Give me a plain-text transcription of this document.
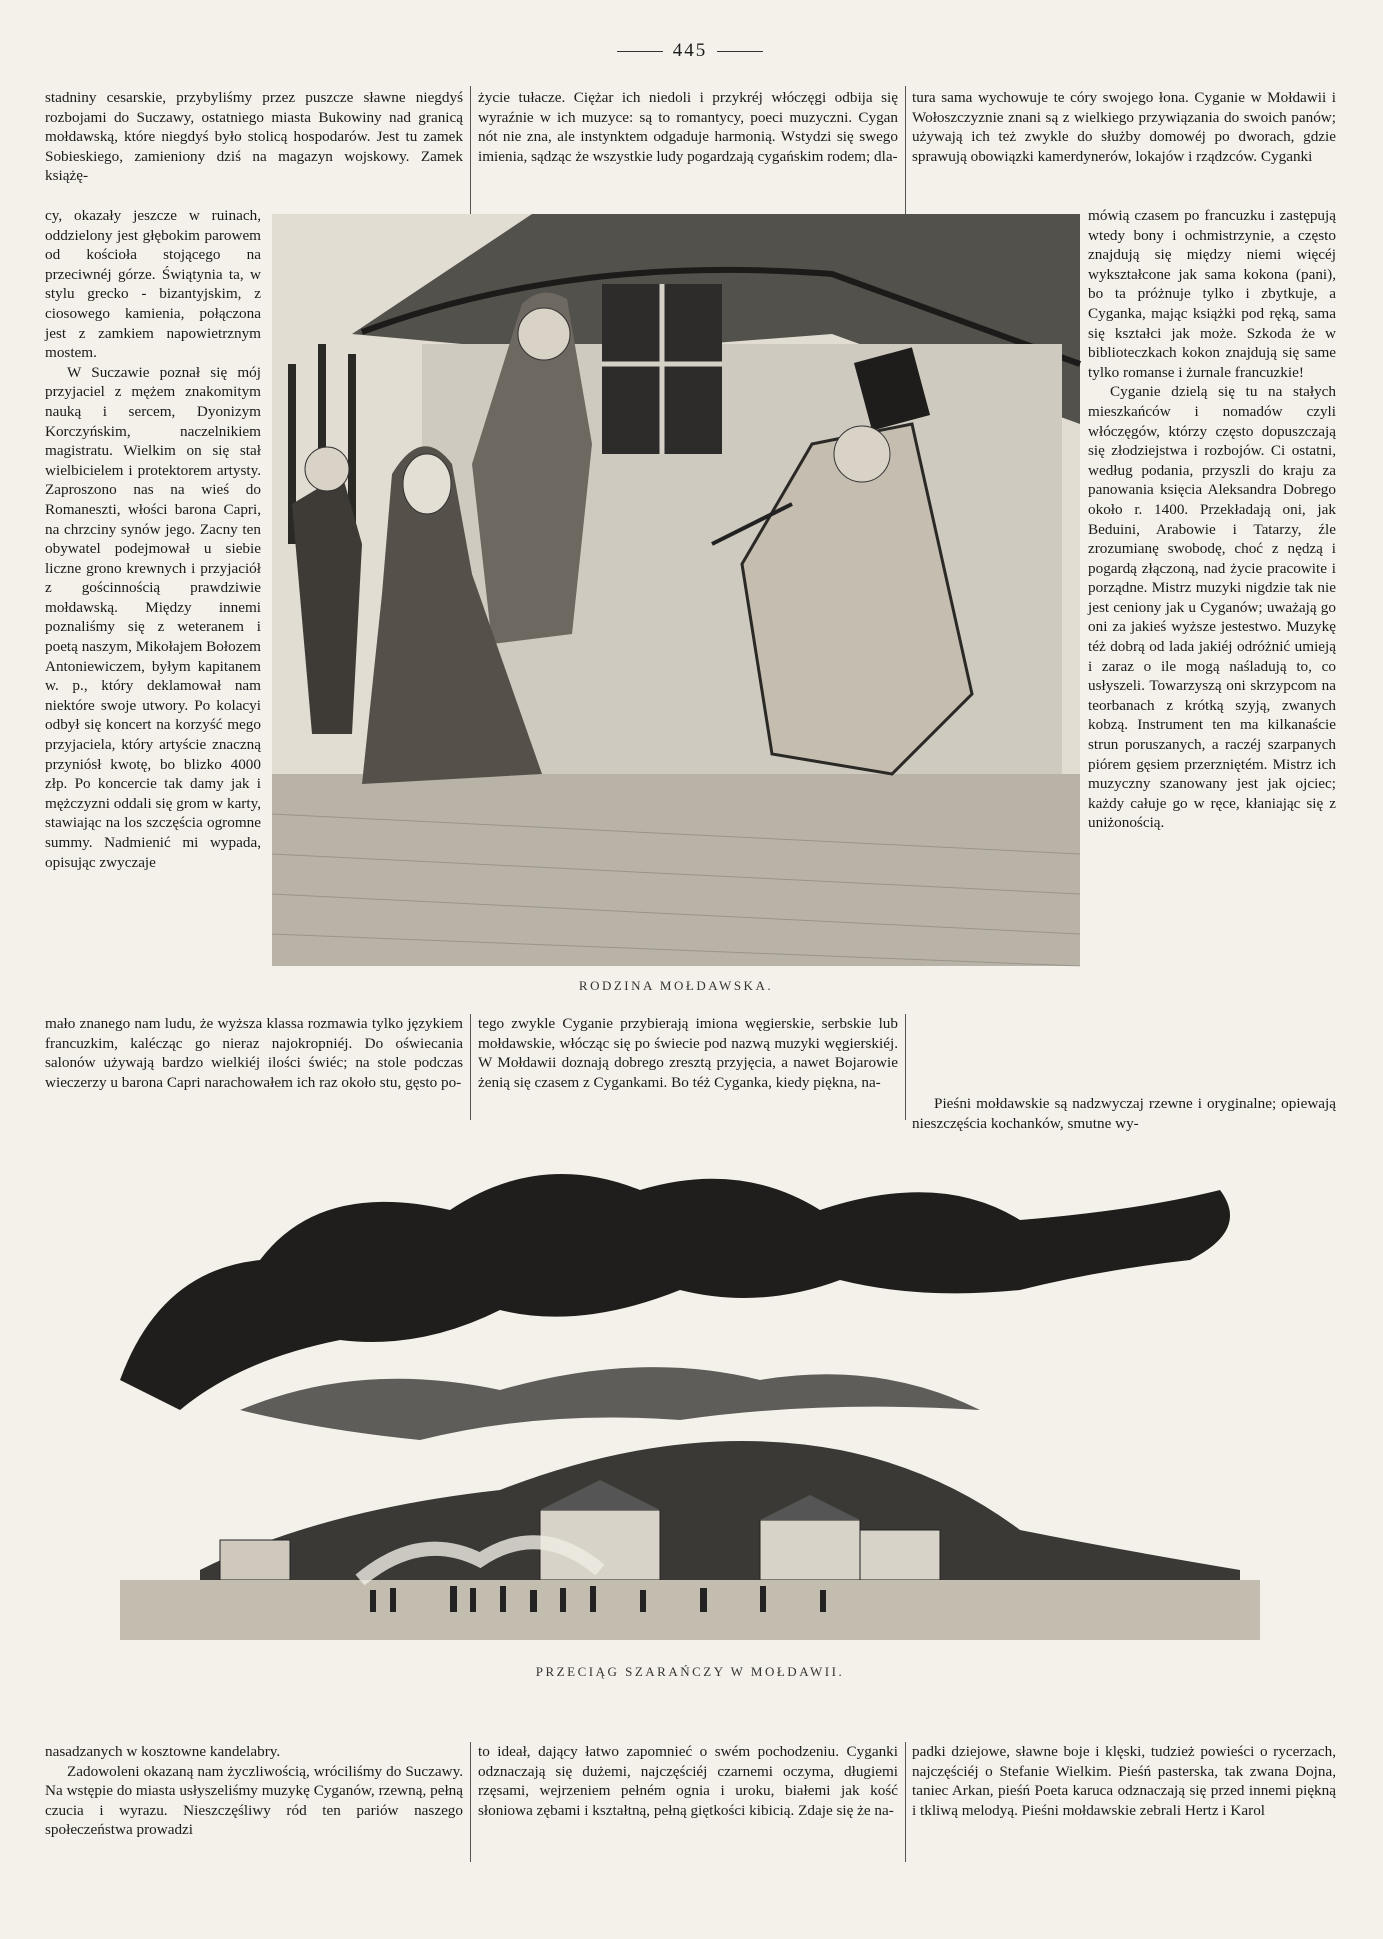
445

stadniny cesarskie, przybyliśmy przez puszcze sławne niegdyś rozbojami do Suczawy, ostatniego miasta Bukowiny nad granicą mołdawską, które niegdyś było stolicą hospodarów. Jest tu zamek Sobieskiego, zamieniony dziś na magazyn wojskowy. Zamek książę-

cy, okazały jeszcze w ruinach, oddzielony jest głębokim parowem od kościoła stojącego na przeciwnéj górze. Świątynia ta, w stylu grecko - bizantyjskim, z ciosowego kamienia, połączona jest z zamkiem napowietrznym mostem.

W Suczawie poznał się mój przyjaciel z mężem znakomitym nauką i sercem, Dyonizym Korczyńskim, naczelnikiem magistratu. Wielkim on się stał wielbicielem i protektorem artysty. Zaproszono nas na wieś do Romaneszti, włości barona Capri, na chrzciny synów jego. Zacny ten obywatel podejmował u siebie liczne grono krewnych i przyjaciół z gościnnością prawdziwie mołdawską. Między innemi poznaliśmy się z weteranem i poetą naszym, Mikołajem Bołozem Antoniewiczem, byłym kapitanem w. p., który deklamował nam niektóre swoje utwory. Po kolacyi odbył się koncert na korzyść mego przyjaciela, który artyście znaczną przyniósł kwotę, bo blizko 4000 złp. Po koncercie tak damy jak i mężczyzni oddali się grom w karty, stawiając na los szczęścia ogromne summy. Nadmienić mi wypada, opisując zwyczaje

życie tułacze. Ciężar ich niedoli i przykréj włóczęgi odbija się wyraźnie w ich muzyce: są to romantycy, poeci muzyczni. Cygan nót nie zna, ale instynktem odgaduje harmonią. Wstydzi się swego imienia, sądząc że wszystkie ludy pogardzają cygańskim rodem; dla-

tura sama wychowuje te córy swojego łona. Cyganie w Mołdawii i Wołoszczyznie znani są z wielkiego przywiązania do swoich panów; używają ich też zwykle do służby domowéj po dworach, gdzie sprawują obowiązki kamerdynerów, lokajów i rządzców. Cyganki

mówią czasem po francuzku i zastępują wtedy bony i ochmistrzynie, a często znajdują się między niemi więcéj wykształcone jak sama kokona (pani), bo ta próżnuje tylko i zbytkuje, a Cyganka, mając książki pod ręką, sama się kształci jak może. Szkoda że w biblioteczkach kokon znajdują się same tylko romanse i żurnale francuzkie!

Cyganie dzielą się tu na stałych mieszkańców i nomadów czyli włóczęgów, którzy często dopuszczają się złodziejstwa i rozbojów. Ci ostatni, według podania, przyszli do kraju za panowania księcia Aleksandra Dobrego około r. 1400. Przekładają oni, jak Beduini, Arabowie i Tatarzy, źle zrozumianę swobodę, choć z nędzą i pogardą złączoną, nad życie pracowite i porządne. Mistrz muzyki nigdzie tak nie jest ceniony jak u Cyganów; uważają go oni za jakieś wyższe jestestwo. Muzykę téż dobrą od lada jakiéj odróżnić umieją i zaraz o ile mogą naśladują to, co usłyszeli. Towarzyszą oni skrzypcom na teorbanach z krótką szyją, zwanych kobzą. Instrument ten ma kilkanaście strun poruszanych, a raczéj szarpanych piórem gęsiem przerzniętém. Mistrz ich muzyczny szanowany jest jak ojciec; każdy całuje go w ręce, kłaniając się z uniżonością.

RODZINA MOŁDAWSKA.

mało znanego nam ludu, że wyższa klassa rozmawia tylko językiem francuzkim, kalécząc go nieraz najokropniéj. Do oświecania salonów używają bardzo wielkiéj ilości świéc; na stole podczas wieczerzy u barona Capri narachowałem ich raz około stu, gęsto po-

tego zwykle Cyganie przybierają imiona węgierskie, serbskie lub mołdawskie, włócząc się po świecie pod nazwą muzyki węgierskiéj. W Mołdawii doznają dobrego zresztą przyjęcia, a nawet Bojarowie żenią się czasem z Cygankami. Bo téż Cyganka, kiedy piękna, na-

Pieśni mołdawskie są nadzwyczaj rzewne i oryginalne; opiewają nieszczęścia kochanków, smutne wy-

PRZECIĄG SZARAŃCZY W MOŁDAWII.

nasadzanych w kosztowne kandelabry.

Zadowoleni okazaną nam życzliwością, wróciliśmy do Suczawy. Na wstępie do miasta usłyszeliśmy muzykę Cyganów, rzewną, pełną czucia i wyrazu. Nieszczęśliwy ród ten pariów naszego społeczeństwa prowadzi

to ideał, dający łatwo zapomnieć o swém pochodzeniu. Cyganki odznaczają się dużemi, najczęściéj czarnemi oczyma, długiemi rzęsami, wejrzeniem pełném ognia i uroku, białemi jak kość słoniowa zębami i kształtną, pełną giętkości kibicią. Zdaje się że na-

padki dziejowe, sławne boje i klęski, tudzież powieści o rycerzach, najczęściéj o Stefanie Wielkim. Pieśń pasterska, tak zwana Dojna, taniec Arkan, pieśń Poeta karuca odznaczają się przed innemi piękną i tkliwą melodyą. Pieśni mołdawskie zebrali Hertz i Karol
